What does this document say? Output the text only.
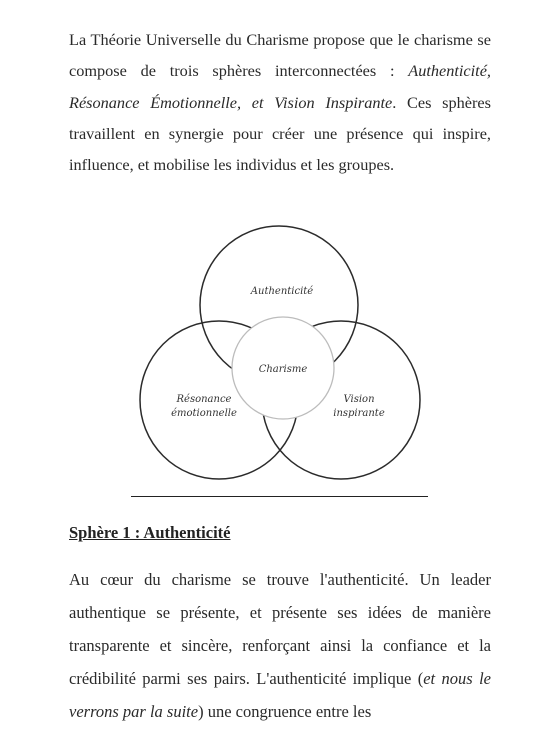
La Théorie Universelle du Charisme propose que le charisme se compose de trois sphères interconnectées : Authenticité, Résonance Émotionnelle, et Vision Inspirante. Ces sphères travaillent en synergie pour créer une présence qui inspire, influence, et mobilise les individus et les groupes.

Authenticité
Résonance
émotionnelle
Vision
inspirante
Charisme

Sphère 1 : Authenticité

Au cœur du charisme se trouve l'authenticité. Un leader authentique se présente, et présente ses idées de manière transparente et sincère, renforçant ainsi la confiance et la crédibilité parmi ses pairs. L'authenticité implique (et nous le verrons par la suite) une congruence entre les
